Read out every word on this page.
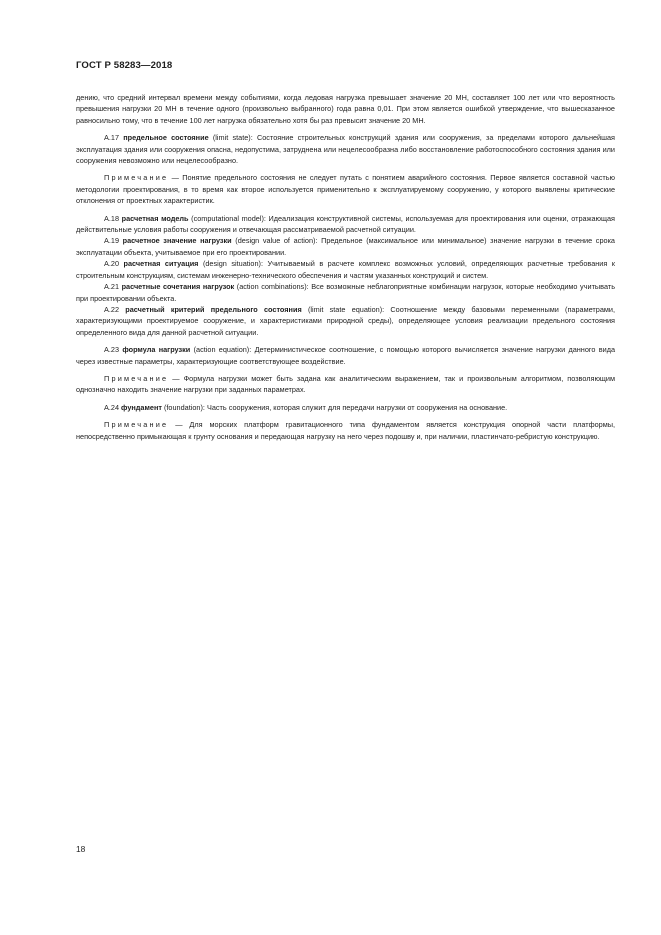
ГОСТ Р 58283—2018

дению, что средний интервал времени между событиями, когда ледовая нагрузка превышает значение 20 МН, составляет 100 лет или что вероятность превышения нагрузки 20 МН в течение одного (произвольно выбранного) года равна 0,01. При этом является ошибкой утверждение, что вышесказанное равносильно тому, что в течение 100 лет нагрузка обязательно хотя бы раз превысит значение 20 МН.

А.17 предельное состояние (limit state): Состояние строительных конструкций здания или сооружения, за пределами которого дальнейшая эксплуатация здания или сооружения опасна, недопустима, затруднена или нецелесообразна либо восстановление работоспособного состояния здания или сооружения невозможно или нецелесообразно.

Примечание — Понятие предельного состояния не следует путать с понятием аварийного состояния. Первое является составной частью методологии проектирования, в то время как второе используется применительно к эксплуатируемому сооружению, у которого выявлены критические отклонения от проектных характеристик.

А.18 расчетная модель (computational model): Идеализация конструктивной системы, используемая для проектирования или оценки, отражающая действительные условия работы сооружения и отвечающая рассматриваемой расчетной ситуации.

А.19 расчетное значение нагрузки (design value of action): Предельное (максимальное или минимальное) значение нагрузки в течение срока эксплуатации объекта, учитываемое при его проектировании.

А.20 расчетная ситуация (design situation): Учитываемый в расчете комплекс возможных условий, определяющих расчетные требования к строительным конструкциям, системам инженерно-технического обеспечения и частям указанных конструкций и систем.

А.21 расчетные сочетания нагрузок (action combinations): Все возможные неблагоприятные комбинации нагрузок, которые необходимо учитывать при проектировании объекта.

А.22 расчетный критерий предельного состояния (limit state equation): Соотношение между базовыми переменными (параметрами, характеризующими проектируемое сооружение, и характеристиками природной среды), определяющее условия реализации предельного состояния определенного вида для данной расчетной ситуации.

А.23 формула нагрузки (action equation): Детерминистическое соотношение, с помощью которого вычисляется значение нагрузки данного вида через известные параметры, характеризующие соответствующее воздействие.

Примечание — Формула нагрузки может быть задана как аналитическим выражением, так и произвольным алгоритмом, позволяющим однозначно находить значение нагрузки при заданных параметрах.

А.24 фундамент (foundation): Часть сооружения, которая служит для передачи нагрузки от сооружения на основание.

Примечание — Для морских платформ гравитационного типа фундаментом является конструкция опорной части платформы, непосредственно примыкающая к грунту основания и передающая нагрузку на него через подошву и, при наличии, пластинчато-ребристую конструкцию.

18
